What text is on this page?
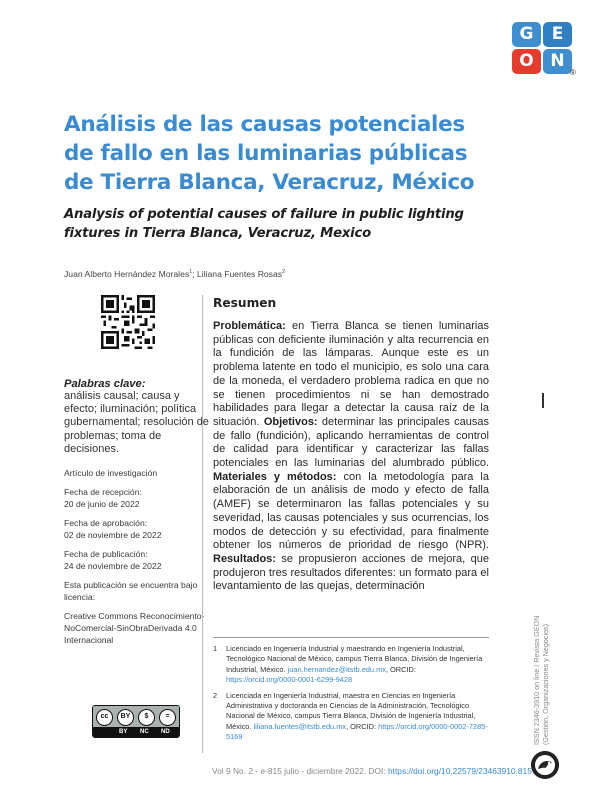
G	E
O N
®
Análisis de las causas potenciales de fallo en las luminarias públicas de Tierra Blanca, Veracruz, México
Analysis of potential causes of failure in public lighting fixtures in Tierra Blanca, Veracruz, Mexico
Juan Alberto Hernández Morales$^1$; Liliana Fuentes Rosas$^2$
Palabras clave:
análisis causal; causa y efecto; iluminación; política gubernamental; resolución de problemas; toma de decisiones.
Artículo de investigación
Fecha de recepción:
20 de junio de 2022
Fecha de aprobación:
02 de noviembre de 2022
Fecha de publicación:
24 de noviembre de 2022
Esta publicación se encuentra bajo licencia:
Creative Commons Reconocimiento-NoComercial-SinObraDerivada 4.0 Internacional
cc	BY	$	=
BY NC ND
Resumen

Problemática: en Tierra Blanca se tienen luminarias públicas con deficiente iluminación y alta recurrencia en la fundición de las lámparas. Aunque este es un problema latente en todo el municipio, es solo una cara de la moneda, el verdadero problema radica en que no se tienen procedimientos ni se han demostrado habilidades para llegar a detectar la causa raíz de la situación. Objetivos: determinar las principales causas de fallo (fundición), aplicando herramientas de control de calidad para identificar y caracterizar las fallas potenciales en las luminarias del alumbrado público. Materiales y métodos: con la metodología para la elaboración de un análisis de modo y efecto de falla (AMEF) se determinaron las fallas potenciales y su severidad, las causas potenciales y sus ocurrencias, los modos de detección y su efectividad, para finalmente obtener los números de prioridad de riesgo (NPR). Resultados: se propusieron acciones de mejora, que produjeron tres resultados diferentes: un formato para el levantamiento de las quejas, determinación

1 Licenciado en Ingeniería Industrial y maestrando en Ingeniería Industrial, Tecnológico Nacional de México, campus Tierra Blanca, División de Ingeniería Industrial, México. juan.hernandez@itstb.edu.mx, ORCID: https://orcid.org/0000-0001-6299-9428

2 Licenciada en Ingeniería Industrial, maestra en Ciencias en Ingeniería Administrativa y doctoranda en Ciencias de la Administración, Tecnológico Nacional de México, campus Tierra Blanca, División de Ingeniería Industrial, México. liliana.fuentes@itstb.edu.mx, ORCID: https://orcid.org/0000-0002-7285-5169	ISSN 2346-3910 on line / Revista GEON (Gestión, Organizaciones y Negocios)
Vol 9 No. 2 - e-815 julio - diciembre 2022. DOI: https://doi.org/10.22579/23463910.815
